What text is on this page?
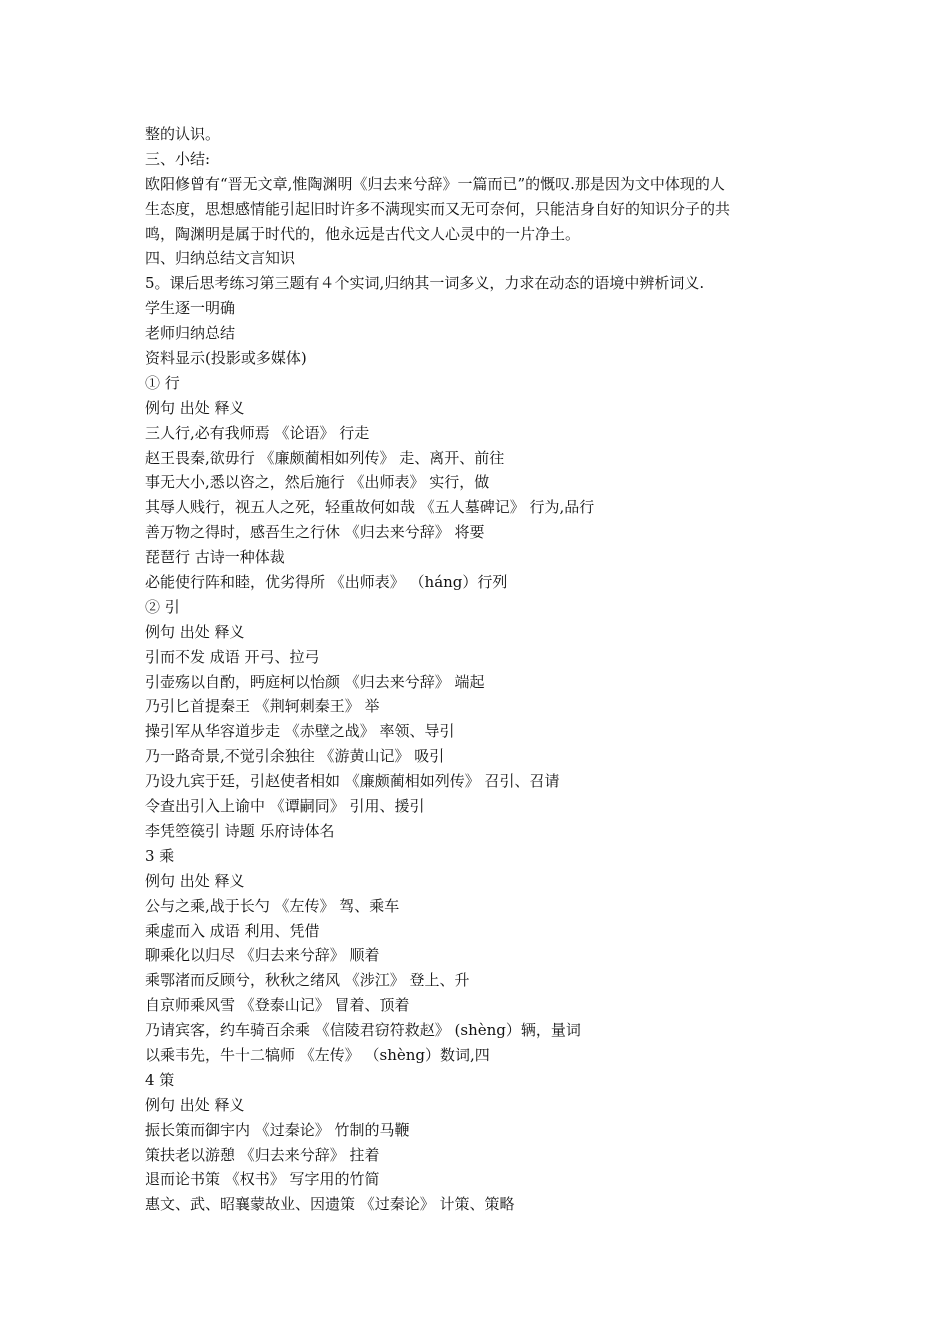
整的认识。
三、小结:
欧阳修曾有“晋无文章,惟陶渊明《归去来兮辞》一篇而已”的慨叹.那是因为文中体现的人
生态度，思想感情能引起旧时许多不满现实而又无可奈何，只能洁身自好的知识分子的共
鸣，陶渊明是属于时代的，他永远是古代文人心灵中的一片净土。
四、归纳总结文言知识
5。课后思考练习第三题有４个实词,归纳其一词多义，力求在动态的语境中辨析词义.
学生逐一明确
老师归纳总结
资料显示(投影或多媒体)
① 行
例句 出处 释义
三人行,必有我师焉 《论语》 行走
赵王畏秦,欲毋行 《廉颇蔺相如列传》 走、离开、前往
事无大小,悉以咨之，然后施行 《出师表》 实行，做
其辱人贱行，视五人之死，轻重故何如哉 《五人墓碑记》 行为,品行
善万物之得时，感吾生之行休 《归去来兮辞》 将要
琵琶行 古诗一种体裁
必能使行阵和睦，优劣得所 《出师表》 （háng）行列
② 引
例句 出处 释义
引而不发 成语 开弓、拉弓
引壶殇以自酌，眄庭柯以怡颜 《归去来兮辞》 端起
乃引匕首提秦王 《荆轲刺秦王》 举
操引军从华容道步走 《赤壁之战》 率领、导引
乃一路奇景,不觉引余独往 《游黄山记》 吸引
乃设九宾于廷，引赵使者相如 《廉颇蔺相如列传》 召引、召请
令查出引入上谕中 《谭嗣同》 引用、援引
李凭箜篌引 诗题 乐府诗体名
3 乘
例句 出处 释义
公与之乘,战于长勺 《左传》 驾、乘车
乘虚而入 成语 利用、凭借
聊乘化以归尽 《归去来兮辞》 顺着
乘鄂渚而反顾兮，秋秋之绪风 《涉江》 登上、升
自京师乘风雪 《登泰山记》 冒着、顶着
乃请宾客，约车骑百余乘 《信陵君窃符救赵》 (shèng）辆，量词
以乘韦先，牛十二犒师 《左传》 （shèng）数词,四
4 策
例句 出处 释义
振长策而御宇内 《过秦论》 竹制的马鞭
策扶老以游憩 《归去来兮辞》 拄着
退而论书策 《权书》 写字用的竹简
惠文、武、昭襄蒙故业、因遗策 《过秦论》 计策、策略
